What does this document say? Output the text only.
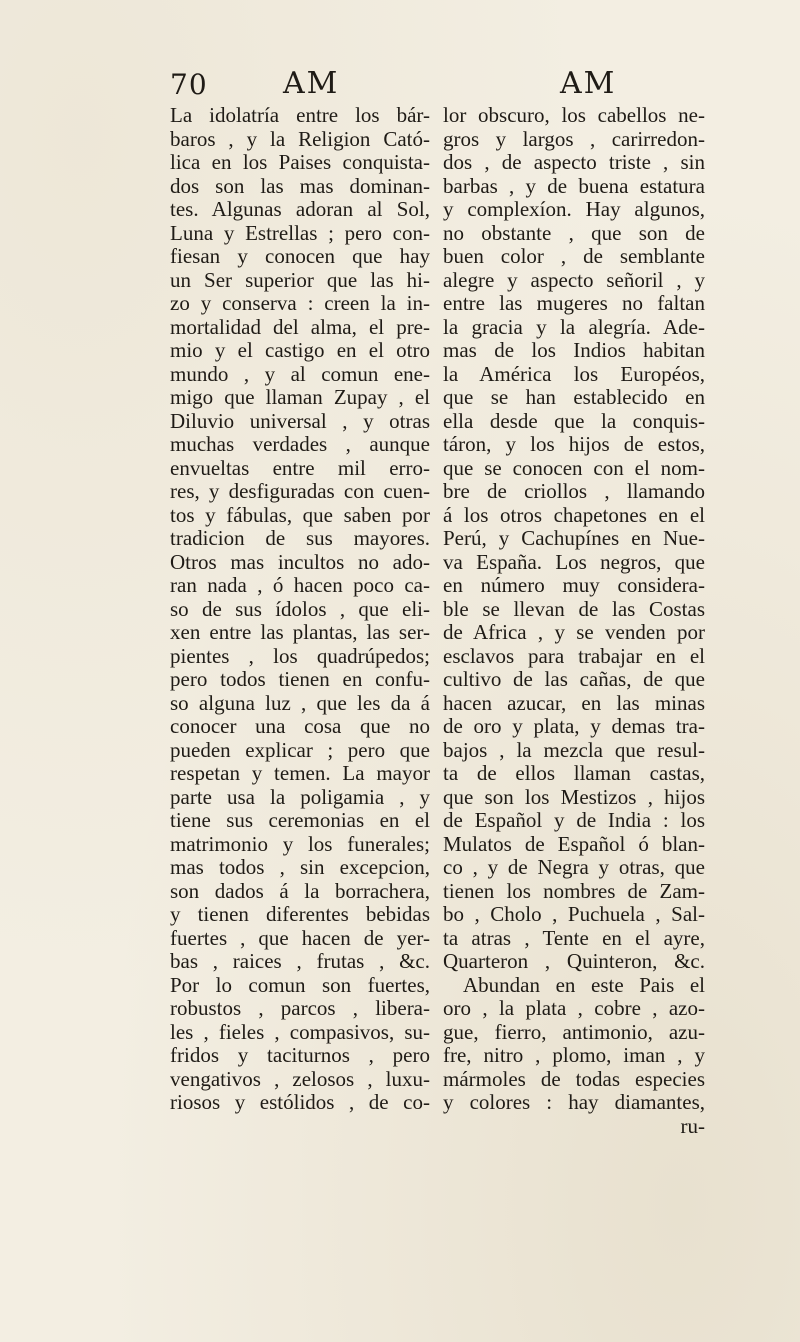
70	AM	AM
La idolatría entre los bár-
baros , y la Religion Cató-
lica en los Paises conquista-
dos son las mas dominan-
tes. Algunas adoran al Sol,
Luna y Estrellas ; pero con-
fiesan y conocen que hay
un Ser superior que las hi-
zo y conserva : creen la in-
mortalidad del alma, el pre-
mio y el castigo en el otro
mundo , y al comun ene-
migo que llaman Zupay , el
Diluvio universal , y otras
muchas verdades , aunque
envueltas entre mil erro-
res, y desfiguradas con cuen-
tos y fábulas, que saben por
tradicion de sus mayores.
Otros mas incultos no ado-
ran nada , ó hacen poco ca-
so de sus ídolos , que eli-
xen entre las plantas, las ser-
pientes , los quadrúpedos;
pero todos tienen en confu-
so alguna luz , que les da á
conocer una cosa que no
pueden explicar ; pero que
respetan y temen. La mayor
parte usa la poligamia , y
tiene sus ceremonias en el
matrimonio y los funerales;
mas todos , sin excepcion,
son dados á la borrachera,
y tienen diferentes bebidas
fuertes , que hacen de yer-
bas , raices , frutas , &c.
Por lo comun son fuertes,
robustos , parcos , libera-
les , fieles , compasivos, su-
fridos y taciturnos , pero
vengativos , zelosos , luxu-
riosos y estólidos , de co-
lor obscuro, los cabellos ne-
gros y largos , carirredon-
dos , de aspecto triste , sin
barbas , y de buena estatura
y complexíon. Hay algunos,
no obstante , que son de
buen color , de semblante
alegre y aspecto señoril , y
entre las mugeres no faltan
la gracia y la alegría. Ade-
mas de los Indios habitan
la América los Européos,
que se han establecido en
ella desde que la conquis-
táron, y los hijos de estos,
que se conocen con el nom-
bre de criollos , llamando
á los otros chapetones en el
Perú, y Cachupínes en Nue-
va España. Los negros, que
en número muy considera-
ble se llevan de las Costas
de Africa , y se venden por
esclavos para trabajar en el
cultivo de las cañas, de que
hacen azucar, en las minas
de oro y plata, y demas tra-
bajos , la mezcla que resul-
ta de ellos llaman castas,
que son los Mestizos , hijos
de Español y de India : los
Mulatos de Español ó blan-
co , y de Negra y otras, que
tienen los nombres de Zam-
bo , Cholo , Puchuela , Sal-
ta atras , Tente en el ayre,
Quarteron , Quinteron, &c.
Abundan en este Pais el
oro , la plata , cobre , azo-
gue, fierro, antimonio, azu-
fre, nitro , plomo, iman , y
mármoles de todas especies
y colores : hay diamantes,
ru-
